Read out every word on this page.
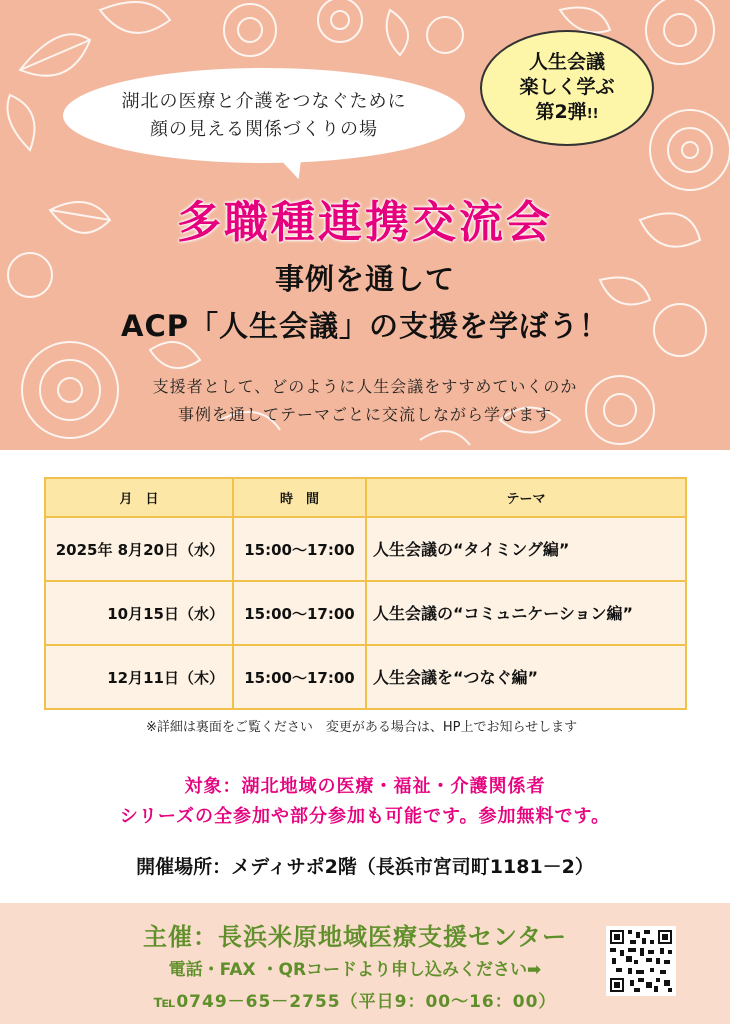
湖北の医療と介護をつなぐために
顔の見える関係づくりの場
人生会議
楽しく学ぶ
第2弾!!
多職種連携交流会
事例を通して
ACP「人生会議」の支援を学ぼう！
支援者として、どのように人生会議をすすめていくのか
事例を通してテーマごとに交流しながら学びます
月　日	時　間	テーマ
2025年 8月20日（水）	15:00～17:00	人生会議の“タイミング編”
10月15日（水）	15:00～17:00	人生会議の“コミュニケーション編”
12月11日（木）	15:00～17:00	人生会議を“つなぐ編”
※詳細は裏面をご覧ください　変更がある場合は、HP上でお知らせします
対象：湖北地域の医療・福祉・介護関係者
シリーズの全参加や部分参加も可能です。参加無料です。
開催場所：メディサポ2階（長浜市宮司町1181－2）
主催：長浜米原地域医療支援センター
電話・FAX ・QRコードより申し込みください➡
℡0749－65－2755（平日9：00～16：00）
